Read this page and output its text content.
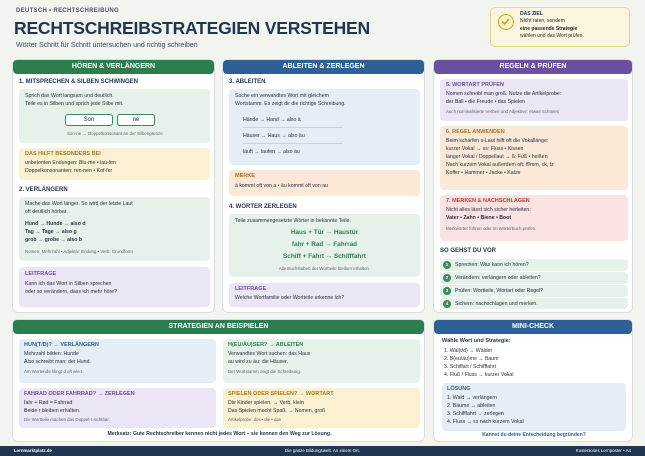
DEUTSCH • RECHTSCHREIBUNG
RECHTSCHREIBSTRATEGIEN VERSTEHEN
Wörter Schritt für Schritt untersuchen und richtig schreiben
DAS ZIEL
Nicht raten, sondern
eine passende Strategie
wählen und das Wort prüfen.
HÖREN & VERLÄNGERN
1. MITSPRECHEN & SILBEN SCHWINGEN
Sprich das Wort langsam und deutlich.
Teile es in Silben und sprich jede Silbe mit.
Son	ne
Son-ne → Doppelkonsonant an der Silbengrenze
DAS HILFT BESONDERS BEI
unbetonten Endungen: Blu-me • lau-fen
Doppelkonsonanten: ren-nen • Kof-fer
2. VERLÄNGERN
Mache das Wort länger. So wird der letzte Laut
oft deutlich hörbar.
Hund → Hunde → also d
Tag → Tage → also g
grob → grobe → also b
Nomen: Mehrzahl • Adjektiv: Endung • Verb: Grundform
LEITFRAGE
Kann ich das Wort in Silben sprechen
oder so verändern, dass ich mehr höre?
ABLEITEN & ZERLEGEN
3. ABLEITEN
Suche ein verwandtes Wort mit gleichem
Wortstamm. Es zeigt dir die richtige Schreibung.
Hände → Hand → also ä
Häuser → Haus → also äu
läuft → laufen → also äu
MERKE
ä kommt oft von a • äu kommt oft von au
4. WÖRTER ZERLEGEN
Teile zusammengesetzte Wörter in bekannte Teile.
Haus + Tür → Haustür
fahr + Rad → Fahrrad
Schiff + Fahrt → Schifffahrt
Alle Buchstaben der Wortteile bleiben erhalten.
LEITFRAGE
Welche Wortfamilie oder Wortteile erkenne ich?
REGELN & PRÜFEN
5. WORTART PRÜFEN
Nomen schreibt man groß. Nutze die Artikelprobe:
der Ball • die Freude • das Spielen
Auch nominalisierte Verben und Adjektive: etwas Schönes
6. REGEL ANWENDEN
Beim scharfen s-Laut hilft oft die Vokallänge:
kurzer Vokal → ss: Fluss • Kissen
langer Vokal / Doppellaut → ß: Fuß • heißen
Nach kurzem Vokal außerdem oft: ff/mm, ck, tz
Koffer • Hammer • Jacke • Katze
7. MERKEN & NACHSCHLAGEN
Nicht alles lässt sich sicher herleiten:
Vater • Zahn • Biene • Boot
Merkwörter führen oder im Wörterbuch prüfen.
SO GEHST DU VOR
1	Sprechen: Was kann ich hören?
2	Verändern: verlängern oder ableiten?
3	Prüfen: Wortteile, Wortart oder Regel?
4	Sichern: nachschlagen und merken.
STRATEGIEN AN BEISPIELEN
HUN(T/D)? → VERLÄNGERN
Mehrzahl bilden: Hunde
Also schreibt man: der Hund.
Am Wortende klingt d oft wie t.
H(EU/ÄU)SER? → ABLEITEN
Verwandtes Wort suchen: das Haus
au wird zu äu: die Häuser.
Der Wortstamm zeigt die Schreibung.
FAHRAD ODER FAHRRAD? → ZERLEGEN
fahr + Rad = Fahrrad
Beide r bleiben erhalten.
Die Wortteile machen das Doppel-r sichtbar.
SPIELEN ODER SPIELEN? → WORTART
Die Kinder spielen. → Verb, klein
Das Spielen macht Spaß. → Nomen, groß
Artikelprobe: der • die • das
Merksatz: Gute Rechtschreiber kennen nicht jedes Wort – sie kennen den Weg zur Lösung.
MINI-CHECK
Wähle Wort und Strategie:
1. Wal(t/d) → Wälder
2. B(eu/äu)me → Baum
3. Schiffart / Schifffahrt
4. Fluß / Fluss → kurzer Vokal
LÖSUNG
1. Wald → verlängern
2. Bäume → ableiten
3. Schifffahrt → zerlegen
4. Fluss → ss nach kurzem Vokal
Kannst du deine Entscheidung begründen?
Lernmarktplatz.de	Die ganze Bildungswelt. An einem Ort.	Kostenloses Lernposter • A4
